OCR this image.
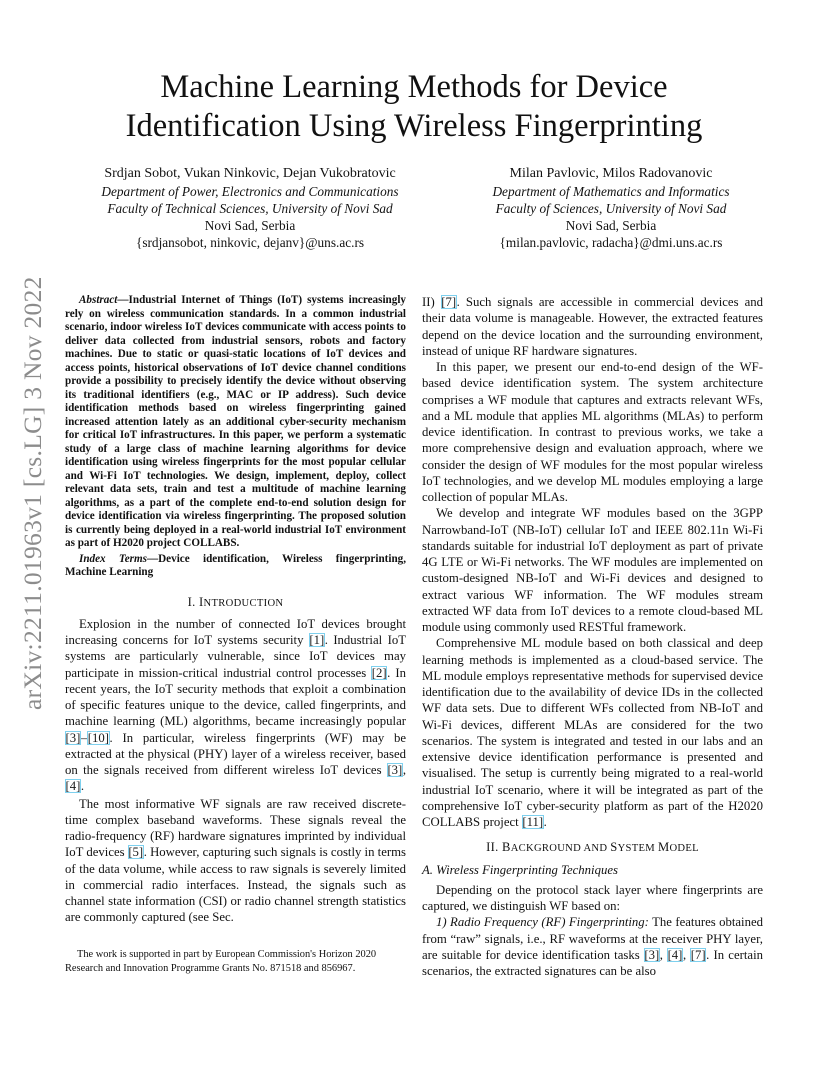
arXiv:2211.01963v1 [cs.LG] 3 Nov 2022
Machine Learning Methods for Device
Identification Using Wireless Fingerprinting
Srdjan Sobot, Vukan Ninkovic, Dejan Vukobratovic
Department of Power, Electronics and Communications
Faculty of Technical Sciences, University of Novi Sad
Novi Sad, Serbia
{srdjansobot, ninkovic, dejanv}@uns.ac.rs
Milan Pavlovic, Milos Radovanovic
Department of Mathematics and Informatics
Faculty of Sciences, University of Novi Sad
Novi Sad, Serbia
{milan.pavlovic, radacha}@dmi.uns.ac.rs

Abstract—Industrial Internet of Things (IoT) systems increasingly rely on wireless communication standards. In a common industrial scenario, indoor wireless IoT devices communicate with access points to deliver data collected from industrial sensors, robots and factory machines. Due to static or quasi-static locations of IoT devices and access points, historical observations of IoT device channel conditions provide a possibility to precisely identify the device without observing its traditional identifiers (e.g., MAC or IP address). Such device identification methods based on wireless fingerprinting gained increased attention lately as an additional cyber-security mechanism for critical IoT infrastructures. In this paper, we perform a systematic study of a large class of machine learning algorithms for device identification using wireless fingerprints for the most popular cellular and Wi-Fi IoT technologies. We design, implement, deploy, collect relevant data sets, train and test a multitude of machine learning algorithms, as a part of the complete end-to-end solution design for device identification via wireless fingerprinting. The proposed solution is currently being deployed in a real-world industrial IoT environment as part of H2020 project COLLABS.

Index Terms—Device identification, Wireless fingerprinting, Machine Learning

I. INTRODUCTION

Explosion in the number of connected IoT devices brought increasing concerns for IoT systems security [1]. Industrial IoT systems are particularly vulnerable, since IoT devices may participate in mission-critical industrial control processes [2]. In recent years, the IoT security methods that exploit a combination of specific features unique to the device, called fingerprints, and machine learning (ML) algorithms, became increasingly popular [3]–[10]. In particular, wireless fingerprints (WF) may be extracted at the physical (PHY) layer of a wireless receiver, based on the signals received from different wireless IoT devices [3], [4].

The most informative WF signals are raw received discrete-time complex baseband waveforms. These signals reveal the radio-frequency (RF) hardware signatures imprinted by individual IoT devices [5]. However, capturing such signals is costly in terms of the data volume, while access to raw signals is severely limited in commercial radio interfaces. Instead, the signals such as channel state information (CSI) or radio channel strength statistics are commonly captured (see Sec.

The work is supported in part by European Commission's Horizon 2020 Research and Innovation Programme Grants No. 871518 and 856967.

II) [7]. Such signals are accessible in commercial devices and their data volume is manageable. However, the extracted features depend on the device location and the surrounding environment, instead of unique RF hardware signatures.

In this paper, we present our end-to-end design of the WF-based device identification system. The system architecture comprises a WF module that captures and extracts relevant WFs, and a ML module that applies ML algorithms (MLAs) to perform device identification. In contrast to previous works, we take a more comprehensive design and evaluation approach, where we consider the design of WF modules for the most popular wireless IoT technologies, and we develop ML modules employing a large collection of popular MLAs.

We develop and integrate WF modules based on the 3GPP Narrowband-IoT (NB-IoT) cellular IoT and IEEE 802.11n Wi-Fi standards suitable for industrial IoT deployment as part of private 4G LTE or Wi-Fi networks. The WF modules are implemented on custom-designed NB-IoT and Wi-Fi devices and designed to extract various WF information. The WF modules stream extracted WF data from IoT devices to a remote cloud-based ML module using commonly used RESTful framework.

Comprehensive ML module based on both classical and deep learning methods is implemented as a cloud-based service. The ML module employs representative methods for supervised device identification due to the availability of device IDs in the collected WF data sets. Due to different WFs collected from NB-IoT and Wi-Fi devices, different MLAs are considered for the two scenarios. The system is integrated and tested in our labs and an extensive device identification performance is presented and visualised. The setup is currently being migrated to a real-world industrial IoT scenario, where it will be integrated as part of the comprehensive IoT cyber-security platform as part of the H2020 COLLABS project [11].

II. BACKGROUND AND SYSTEM MODEL
A. Wireless Fingerprinting Techniques

Depending on the protocol stack layer where fingerprints are captured, we distinguish WF based on:

1) Radio Frequency (RF) Fingerprinting: The features obtained from “raw” signals, i.e., RF waveforms at the receiver PHY layer, are suitable for device identification tasks [3], [4], [7]. In certain scenarios, the extracted signatures can be also
